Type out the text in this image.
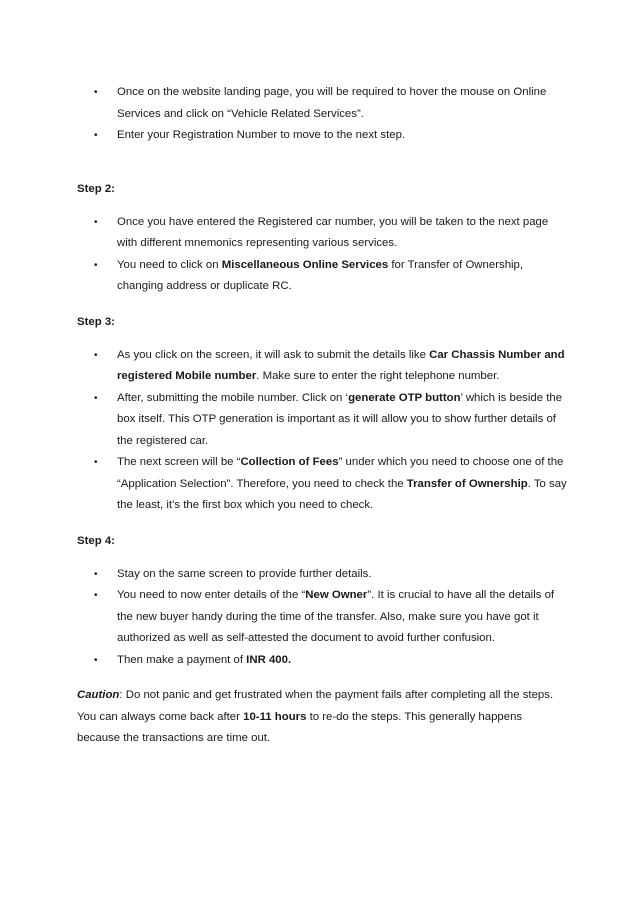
• Once on the website landing page, you will be required to hover the mouse on Online Services and click on “Vehicle Related Services”.
• Enter your Registration Number to move to the next step.

Step 2:

• Once you have entered the Registered car number, you will be taken to the next page with different mnemonics representing various services.
• You need to click on Miscellaneous Online Services for Transfer of Ownership, changing address or duplicate RC.

Step 3:

• As you click on the screen, it will ask to submit the details like Car Chassis Number and registered Mobile number. Make sure to enter the right telephone number.
• After, submitting the mobile number. Click on ‘generate OTP button’ which is beside the box itself. This OTP generation is important as it will allow you to show further details of the registered car.
• The next screen will be “Collection of Fees” under which you need to choose one of the “Application Selection”. Therefore, you need to check the Transfer of Ownership. To say the least, it’s the first box which you need to check.

Step 4:

• Stay on the same screen to provide further details.
• You need to now enter details of the “New Owner”. It is crucial to have all the details of the new buyer handy during the time of the transfer. Also, make sure you have got it authorized as well as self-attested the document to avoid further confusion.
• Then make a payment of INR 400.

Caution: Do not panic and get frustrated when the payment fails after completing all the steps. You can always come back after 10-11 hours to re-do the steps. This generally happens because the transactions are time out.
